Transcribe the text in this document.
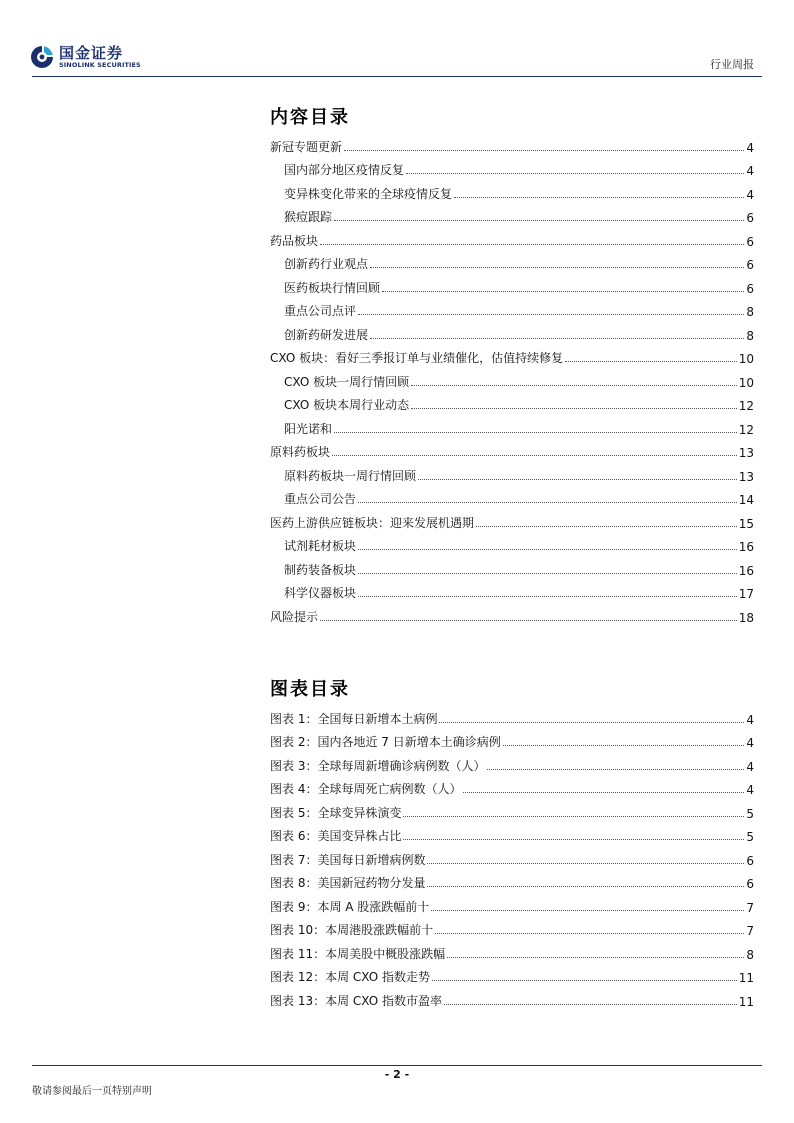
国金证券
SINOLINK SECURITIES	行业周报
内容目录
新冠专题更新	4
国内部分地区疫情反复	4
变异株变化带来的全球疫情反复	4
猴痘跟踪	6
药品板块	6
创新药行业观点	6
医药板块行情回顾	6
重点公司点评	8
创新药研发进展	8
CXO 板块：看好三季报订单与业绩催化，估值持续修复	10
CXO 板块一周行情回顾	10
CXO 板块本周行业动态	12
阳光诺和	12
原料药板块	13
原料药板块一周行情回顾	13
重点公司公告	14
医药上游供应链板块：迎来发展机遇期	15
试剂耗材板块	16
制药装备板块	16
科学仪器板块	17
风险提示	18
图表目录
图表 1：全国每日新增本土病例	4
图表 2：国内各地近 7 日新增本土确诊病例	4
图表 3：全球每周新增确诊病例数（人）	4
图表 4：全球每周死亡病例数（人）	4
图表 5：全球变异株演变	5
图表 6：美国变异株占比	5
图表 7：美国每日新增病例数	6
图表 8：美国新冠药物分发量	6
图表 9：本周 A 股涨跌幅前十	7
图表 10：本周港股涨跌幅前十	7
图表 11：本周美股中概股涨跌幅	8
图表 12：本周 CXO 指数走势	11
图表 13：本周 CXO 指数市盈率	11
- 2 -
敬请参阅最后一页特别声明
